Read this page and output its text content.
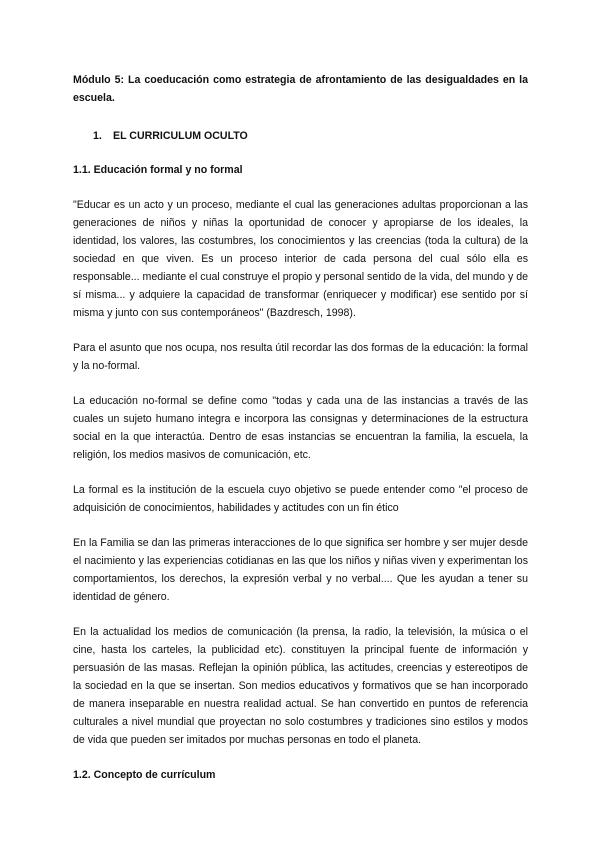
Módulo 5: La coeducación como estrategia de afrontamiento de las desigualdades en la escuela.

1. EL CURRICULUM OCULTO

1.1. Educación formal y no formal

"Educar es un acto y un proceso, mediante el cual las generaciones adultas proporcionan a las generaciones de niños y niñas la oportunidad de conocer y apropiarse de los ideales, la identidad, los valores, las costumbres, los conocimientos y las creencias (toda la cultura) de la sociedad en que viven. Es un proceso interior de cada persona del cual sólo ella es responsable... mediante el cual construye el propio y personal sentido de la vida, del mundo y de sí misma... y adquiere la capacidad de transformar (enriquecer y modificar) ese sentido por sí misma y junto con sus contemporáneos" (Bazdresch, 1998).

Para el asunto que nos ocupa, nos resulta útil recordar las dos formas de la educación: la formal y la no-formal.

La educación no-formal se define como "todas y cada una de las instancias a través de las cuales un sujeto humano integra e incorpora las consignas y determinaciones de la estructura social en la que interactúa. Dentro de esas instancias se encuentran la familia, la escuela, la religión, los medios masivos de comunicación, etc.

La formal es la institución de la escuela cuyo objetivo se puede entender como "el proceso de adquisición de conocimientos, habilidades y actitudes con un fin ético

En la Familia se dan las primeras interacciones de lo que significa ser hombre y ser mujer desde el nacimiento y las experiencias cotidianas en las que los niños y niñas viven y experimentan los comportamientos, los derechos, la expresión verbal y no verbal.... Que les ayudan a tener su identidad de género.

En la actualidad los medios de comunicación (la prensa, la radio, la televisión, la música o el cine, hasta los carteles, la publicidad etc). constituyen la principal fuente de información y persuasión de las masas. Reflejan la opinión pública, las actitudes, creencias y estereotipos de la sociedad en la que se insertan. Son medios educativos y formativos que se han incorporado de manera inseparable en nuestra realidad actual. Se han convertido en puntos de referencia culturales a nivel mundial que proyectan no solo costumbres y tradiciones sino estilos y modos de vida que pueden ser imitados por muchas personas en todo el planeta.

1.2. Concepto de currículum
